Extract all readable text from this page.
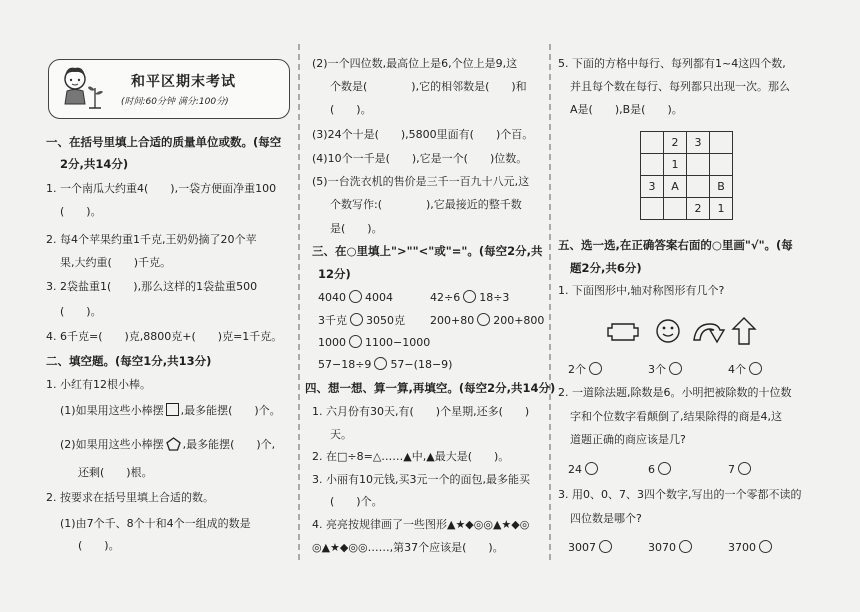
和平区期末考试
(时间:60分钟 满分:100分)
一、在括号里填上合适的质量单位或数。(每空
2分,共14分)
1. 一个南瓜大约重4(　　),一袋方便面净重100
(　　)。
2. 每4个苹果约重1千克,王奶奶摘了20个苹
果,大约重(　　)千克。
3. 2袋盐重1(　　),那么这样的1袋盐重500
(　　)。
4. 6千克=(　　)克,8800克+(　　)克=1千克。
二、填空题。(每空1分,共13分)
1. 小红有12根小棒。
(1)如果用这些小棒摆 ,最多能摆(　　)个。
(2)如果用这些小棒摆 ,最多能摆(　　)个,
还剩(　　)根。
2. 按要求在括号里填上合适的数。
(1)由7个千、8个十和4个一组成的数是
(　　)。
(2)一个四位数,最高位上是6,个位上是9,这
个数是(　　　　),它的相邻数是(　　)和
(　　)。
(3)24个十是(　　),5800里面有(　　)个百。
(4)10个一千是(　　),它是一个(　　)位数。
(5)一台洗衣机的售价是三千一百九十八元,这
个数写作:(　　　　),它最接近的整千数
是(　　)。
三、在○里填上">""<"或"="。(每空2分,共
12分)
4040 4004	42÷6 18÷3
3千克 3050克 200+80 200+800
1000 1100−1000
57−18÷9 57−(18−9)
四、想一想、算一算,再填空。(每空2分,共14分)
1. 六月份有30天,有(　　)个星期,还多(　　)
天。
2. 在□÷8=△……▲中,▲最大是(　　)。
3. 小丽有10元钱,买3元一个的面包,最多能买
(　　)个。
4. 亮亮按规律画了一些图形▲★◆◎◎▲★◆◎
◎▲★◆◎◎……,第37个应该是(　　)。
5. 下面的方格中每行、每列都有1~4这四个数,
并且每个数在每行、每列都只出现一次。那么
A是(　　),B是(　　)。
	2	3	
	1		
3	A		B
		2	1
五、选一选,在正确答案右面的○里画"√"。(每
题2分,共6分)
1. 下面图形中,轴对称图形有几个?
2个	3个	4个
2. 一道除法题,除数是6。小明把被除数的十位数
字和个位数字看颠倒了,结果除得的商是4,这
道题正确的商应该是几?
24	6	7
3. 用0、0、7、3四个数字,写出的一个零都不读的
四位数是哪个?
3007	3070	3700
